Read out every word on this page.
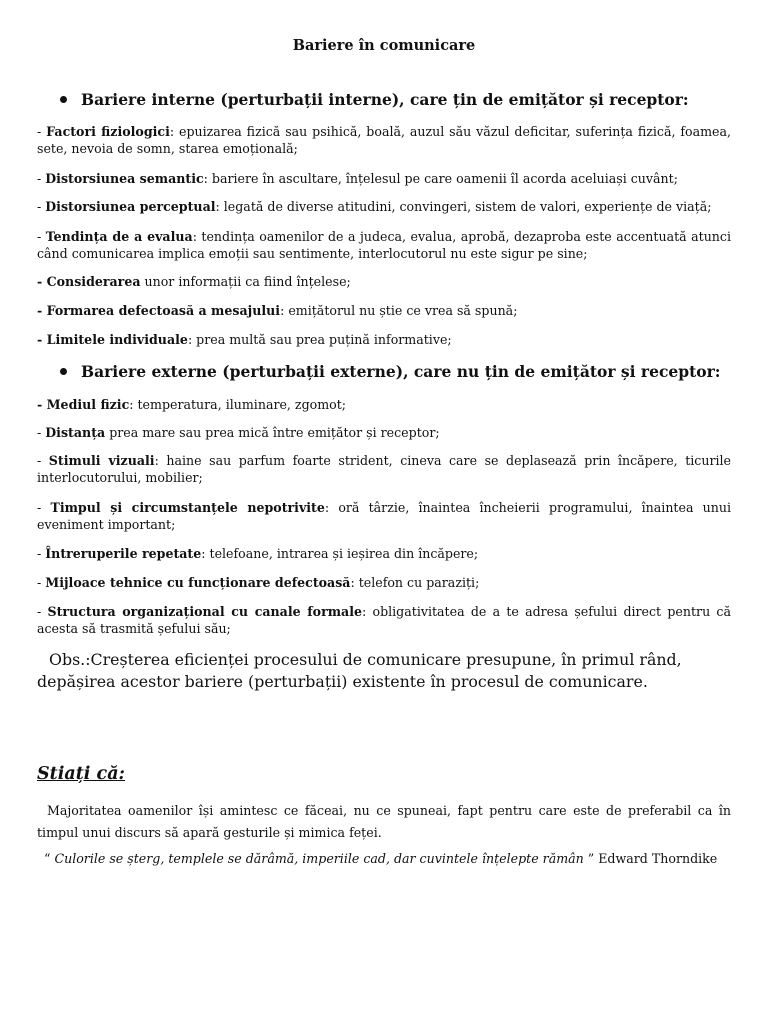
Bariere în comunicare
Bariere interne (perturbații interne), care țin de emițător și receptor:
- Factori fiziologici: epuizarea fizică sau psihică, boală, auzul său văzul deficitar, suferința fizică, foamea, sete, nevoia de somn, starea emoțională;
- Distorsiunea semantic: bariere în ascultare, înțelesul pe care oamenii îl acorda aceluiași cuvânt;
- Distorsiunea perceptual: legată de diverse atitudini, convingeri, sistem de valori, experiențe de viață;
- Tendința de a evalua: tendința oamenilor de a judeca, evalua, aprobă, dezaproba este accentuată atunci când comunicarea implica emoții sau sentimente, interlocutorul nu este sigur pe sine;
- Considerarea unor informații ca fiind înțelese;
- Formarea defectoasă a mesajului: emițătorul nu știe ce vrea să spună;
- Limitele individuale: prea multă sau prea puțină informative;
Bariere externe (perturbații externe), care nu țin de emițător și receptor:
- Mediul fizic: temperatura, iluminare, zgomot;
- Distanța prea mare sau prea mică între emițător și receptor;
- Stimuli vizuali: haine sau parfum foarte strident, cineva care se deplasează prin încăpere, ticurile interlocutorului, mobilier;
- Timpul și circumstanțele nepotrivite: oră târzie, înaintea încheierii programului, înaintea unui eveniment important;
- Întreruperile repetate: telefoane, intrarea și ieșirea din încăpere;
- Mijloace tehnice cu funcționare defectoasă: telefon cu paraziți;
- Structura organizațional cu canale formale: obligativitatea de a te adresa șefului direct pentru că acesta să trasmită șefului său;
Obs.:Creșterea eficienței procesului de comunicare presupune, în primul rând, depășirea acestor bariere (perturbații) existente în procesul de comunicare.
Stiați că:
Majoritatea oamenilor își amintesc ce făceai, nu ce spuneai, fapt pentru care este de preferabil ca în timpul unui discurs să apară gesturile și mimica feței.
“ Culorile se șterg, templele se dărâmă, imperiile cad, dar cuvintele înțelepte rămân ” Edward Thorndike
